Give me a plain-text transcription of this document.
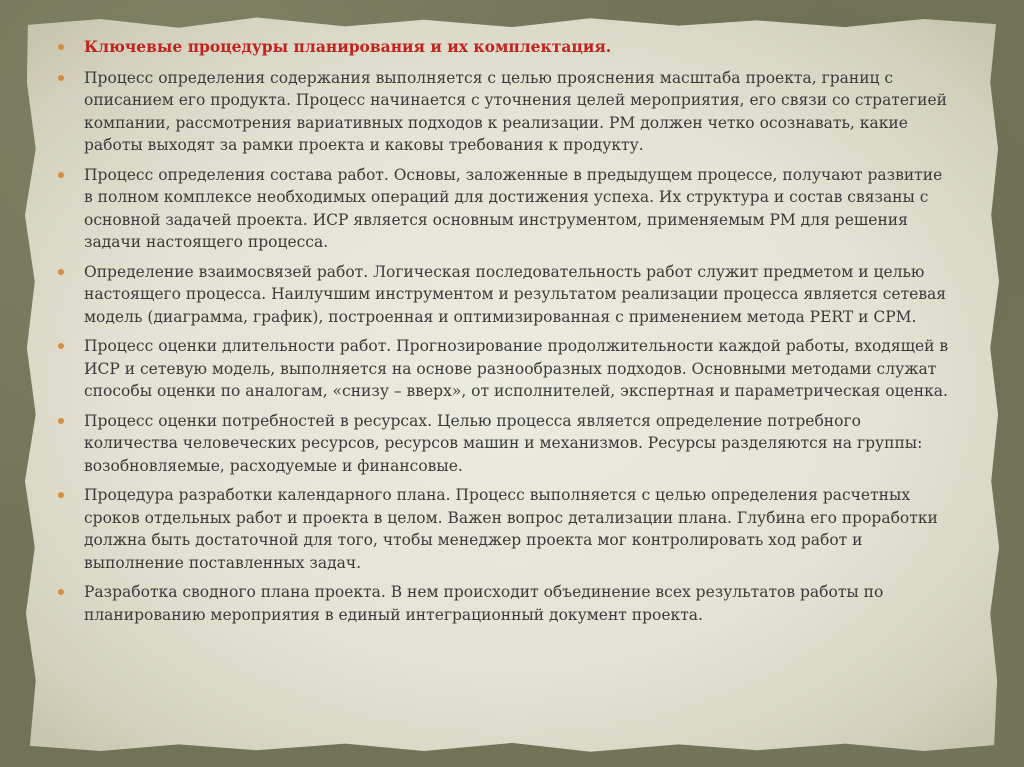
Ключевые процедуры планирования и их комплектация.
Процесс определения содержания выполняется с целью прояснения масштаба проекта, границ с описанием его продукта. Процесс начинается с уточнения целей мероприятия, его связи со стратегией компании, рассмотрения вариативных подходов к реализации. РМ должен четко осознавать, какие работы выходят за рамки проекта и каковы требования к продукту.
Процесс определения состава работ. Основы, заложенные в предыдущем процессе, получают развитие в полном комплексе необходимых операций для достижения успеха. Их структура и состав связаны с основной задачей проекта. ИСР является основным инструментом, применяемым РМ для решения задачи настоящего процесса.
Определение взаимосвязей работ. Логическая последовательность работ служит предметом и целью настоящего процесса. Наилучшим инструментом и результатом реализации процесса является сетевая модель (диаграмма, график), построенная и оптимизированная с применением метода PERT и CPM.
Процесс оценки длительности работ. Прогнозирование продолжительности каждой работы, входящей в ИСР и сетевую модель, выполняется на основе разнообразных подходов. Основными методами служат способы оценки по аналогам, «снизу – вверх», от исполнителей, экспертная и параметрическая оценка.
Процесс оценки потребностей в ресурсах. Целью процесса является определение потребного количества человеческих ресурсов, ресурсов машин и механизмов. Ресурсы разделяются на группы: возобновляемые, расходуемые и финансовые.
Процедура разработки календарного плана. Процесс выполняется с целью определения расчетных сроков отдельных работ и проекта в целом. Важен вопрос детализации плана. Глубина его проработки должна быть достаточной для того, чтобы менеджер проекта мог контролировать ход работ и выполнение поставленных задач.
Разработка сводного плана проекта. В нем происходит объединение всех результатов работы по планированию мероприятия в единый интеграционный документ проекта.
